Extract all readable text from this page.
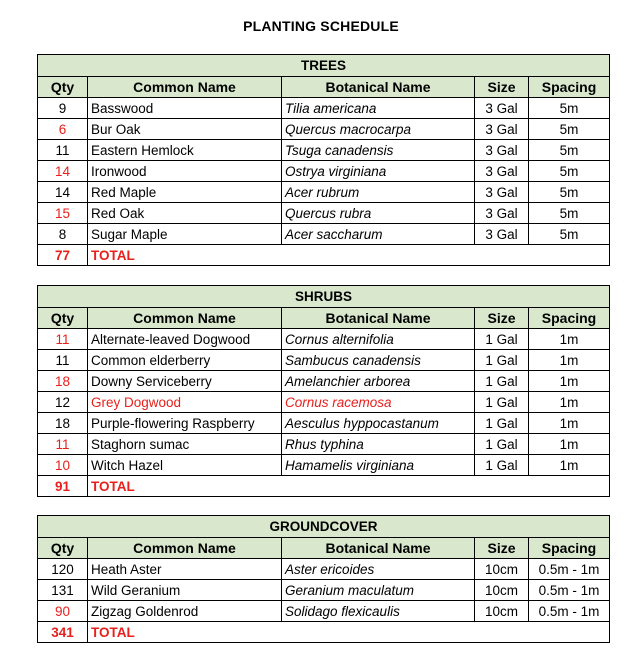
PLANTING SCHEDULE
TREES				
Qty	Common Name	Botanical Name	Size	Spacing
9	Basswood	Tilia americana	3 Gal	5m
6	Bur Oak	Quercus macrocarpa	3 Gal	5m
11	Eastern Hemlock	Tsuga canadensis	3 Gal	5m
14	Ironwood	Ostrya virginiana	3 Gal	5m
14	Red Maple	Acer rubrum	3 Gal	5m
15	Red Oak	Quercus rubra	3 Gal	5m
8	Sugar Maple	Acer saccharum	3 Gal	5m
77	TOTAL			
SHRUBS				
Qty	Common Name	Botanical Name	Size	Spacing
11	Alternate-leaved Dogwood	Cornus alternifolia	1 Gal	1m
11	Common elderberry	Sambucus canadensis	1 Gal	1m
18	Downy Serviceberry	Amelanchier arborea	1 Gal	1m
12	Grey Dogwood	Cornus racemosa	1 Gal	1m
18	Purple-flowering Raspberry	Aesculus hyppocastanum	1 Gal	1m
11	Staghorn sumac	Rhus typhina	1 Gal	1m
10	Witch Hazel	Hamamelis virginiana	1 Gal	1m
91	TOTAL			
GROUNDCOVER				
Qty	Common Name	Botanical Name	Size	Spacing
120	Heath Aster	Aster ericoides	10cm	0.5m - 1m
131	Wild Geranium	Geranium maculatum	10cm	0.5m - 1m
90	Zigzag Goldenrod	Solidago flexicaulis	10cm	0.5m - 1m
341	TOTAL			
